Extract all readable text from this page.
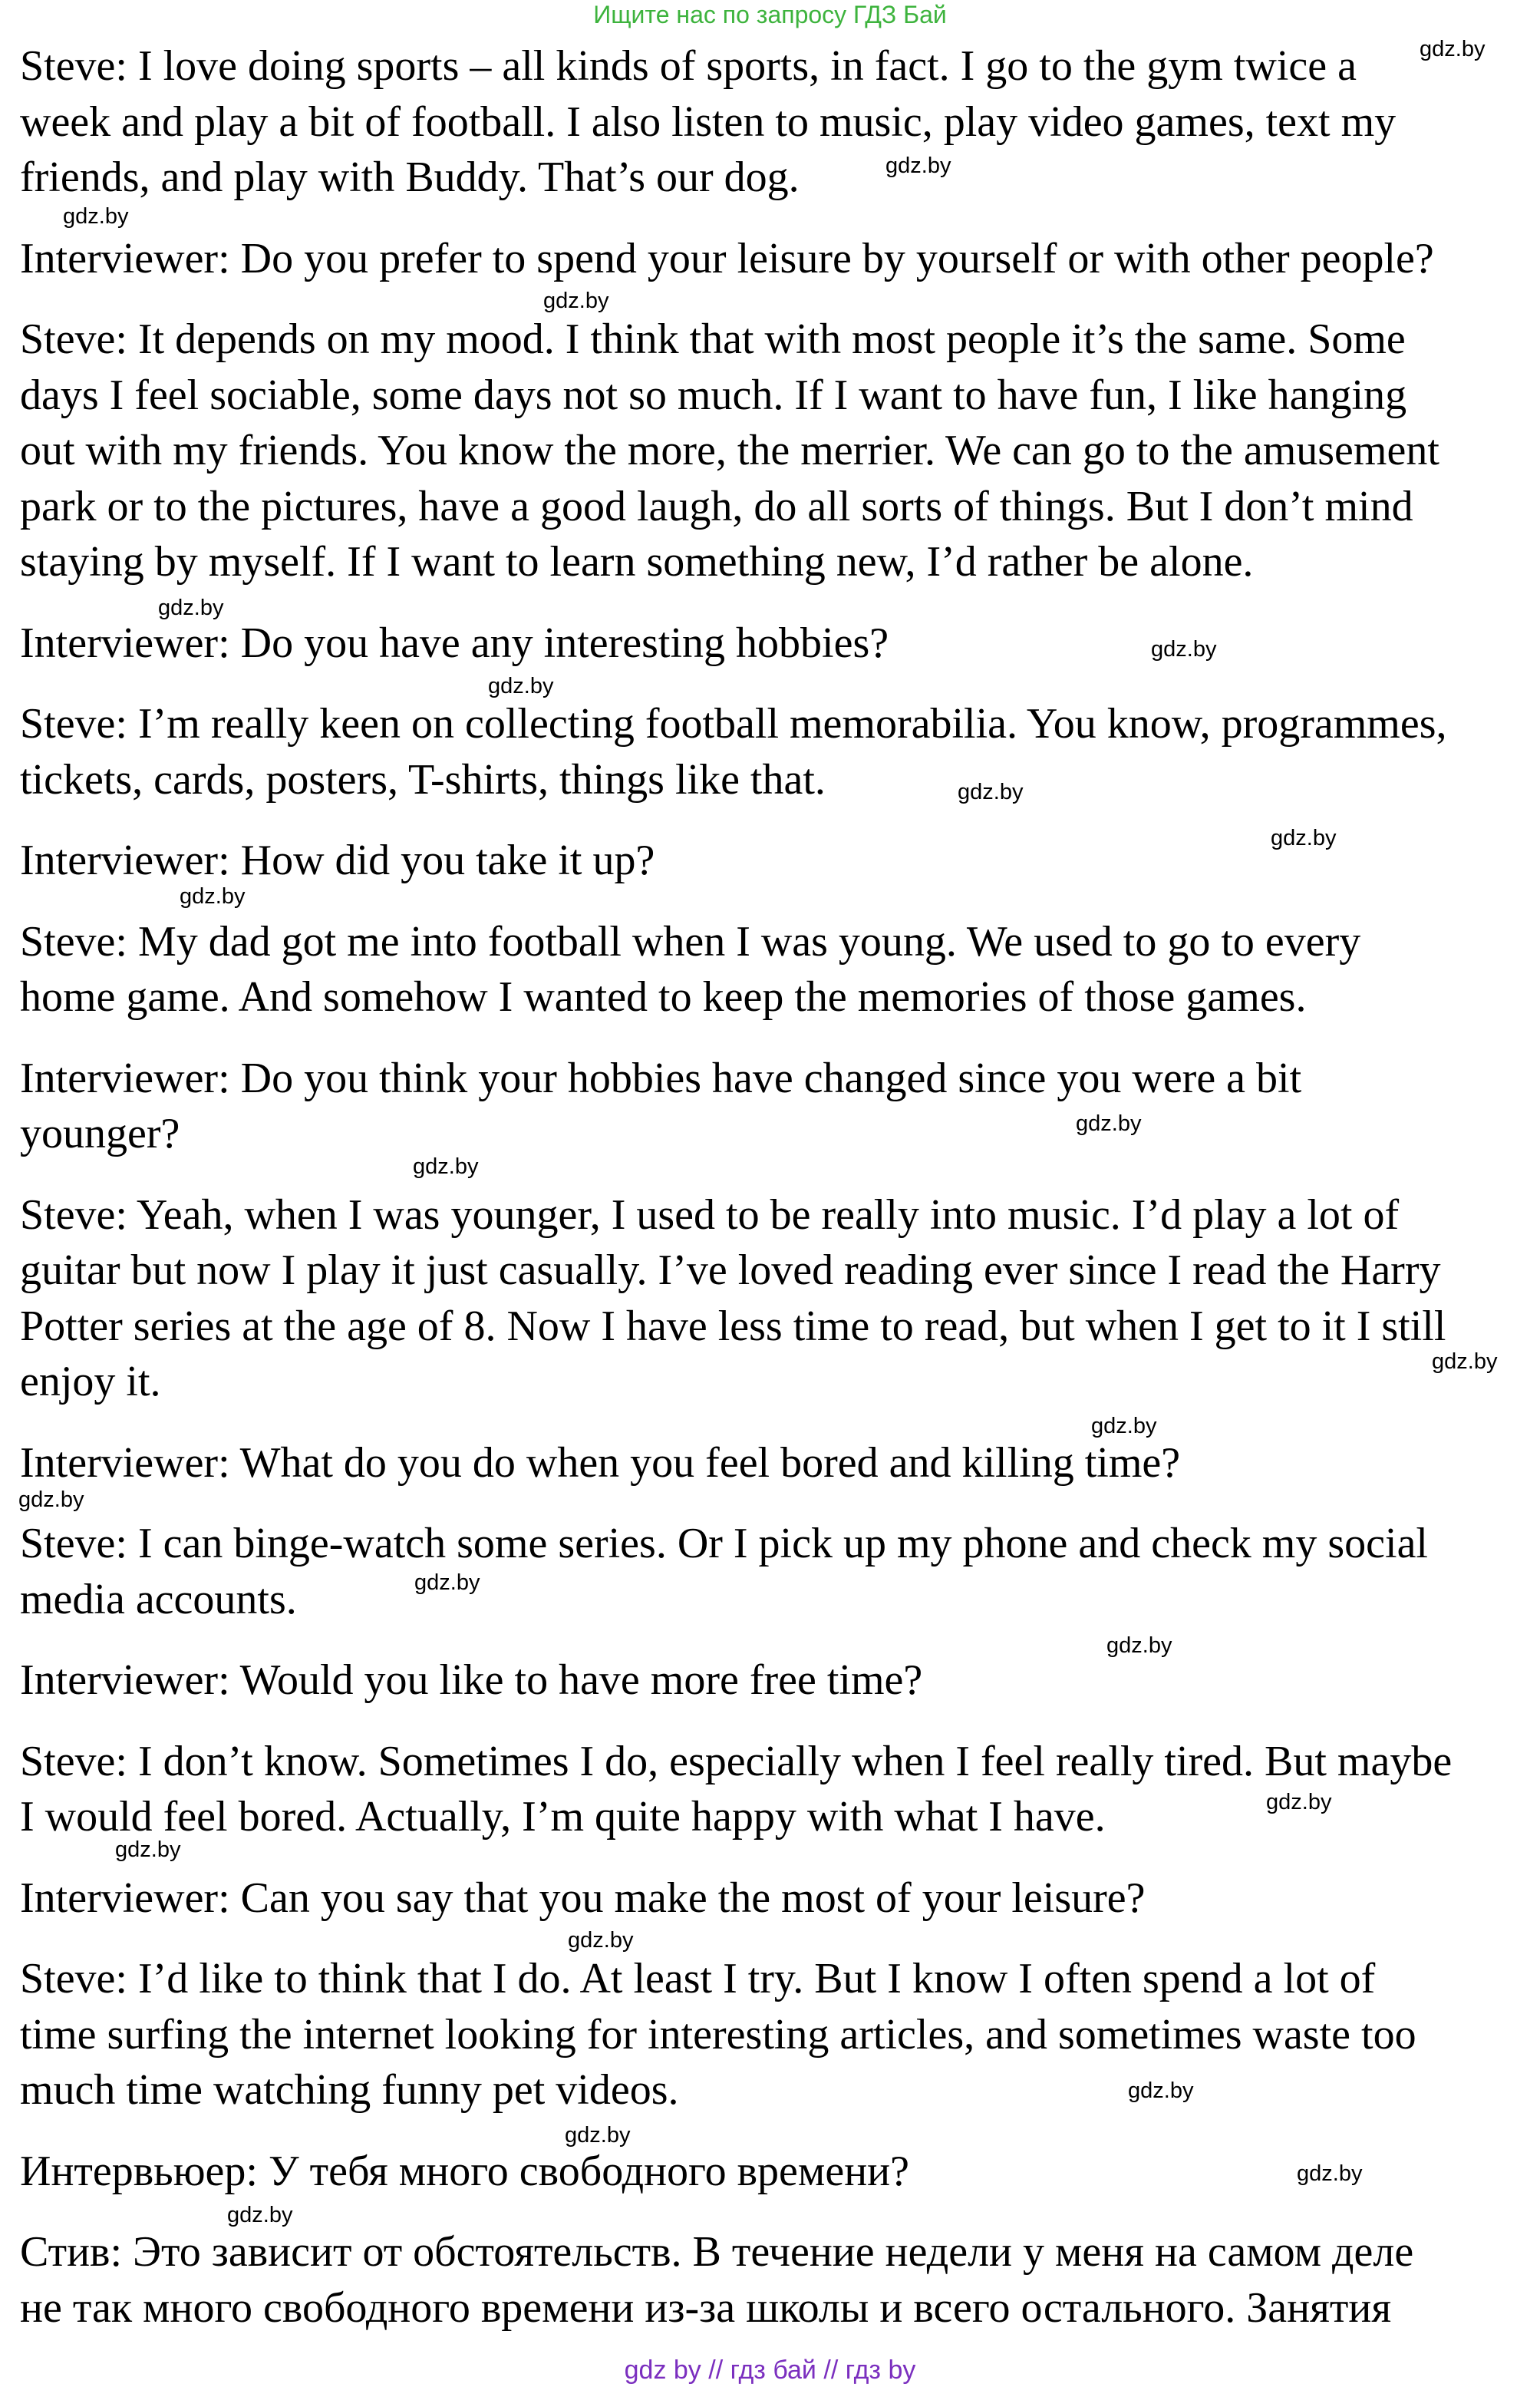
Ищите нас по запросу ГДЗ Бай

Steve: I love doing sports – all kinds of sports, in fact. I go to the gym twice a
week and play a bit of football. I also listen to music, play video games, text my
friends, and play with Buddy. That’s our dog.

Interviewer: Do you prefer to spend your leisure by yourself or with other people?

Steve: It depends on my mood. I think that with most people it’s the same. Some
days I feel sociable, some days not so much. If I want to have fun, I like hanging
out with my friends. You know the more, the merrier. We can go to the amusement
park or to the pictures, have a good laugh, do all sorts of things. But I don’t mind
staying by myself. If I want to learn something new, I’d rather be alone.

Interviewer: Do you have any interesting hobbies?

Steve: I’m really keen on collecting football memorabilia. You know, programmes,
tickets, cards, posters, T-shirts, things like that.

Interviewer: How did you take it up?

Steve: My dad got me into football when I was young. We used to go to every
home game. And somehow I wanted to keep the memories of those games.

Interviewer: Do you think your hobbies have changed since you were a bit
younger?

Steve: Yeah, when I was younger, I used to be really into music. I’d play a lot of
guitar but now I play it just casually. I’ve loved reading ever since I read the Harry
Potter series at the age of 8. Now I have less time to read, but when I get to it I still
enjoy it.

Interviewer: What do you do when you feel bored and killing time?

Steve: I can binge-watch some series. Or I pick up my phone and check my social
media accounts.

Interviewer: Would you like to have more free time?

Steve: I don’t know. Sometimes I do, especially when I feel really tired. But maybe
I would feel bored. Actually, I’m quite happy with what I have.

Interviewer: Can you say that you make the most of your leisure?

Steve: I’d like to think that I do. At least I try. But I know I often spend a lot of
time surfing the internet looking for interesting articles, and sometimes waste too
much time watching funny pet videos.

Интервьюер: У тебя много свободного времени?

Стив: Это зависит от обстоятельств. В течение недели у меня на самом деле
не так много свободного времени из-за школы и всего остального. Занятия

gdz.by
gdz.by
gdz.by
gdz.by
gdz.by
gdz.by
gdz.by
gdz.by
gdz.by
gdz.by
gdz.by
gdz.by
gdz.by
gdz.by
gdz.by
gdz.by
gdz.by
gdz.by
gdz.by
gdz.by
gdz.by
gdz.by
gdz.by
gdz.by
gdz by // гдз бай // гдз by
